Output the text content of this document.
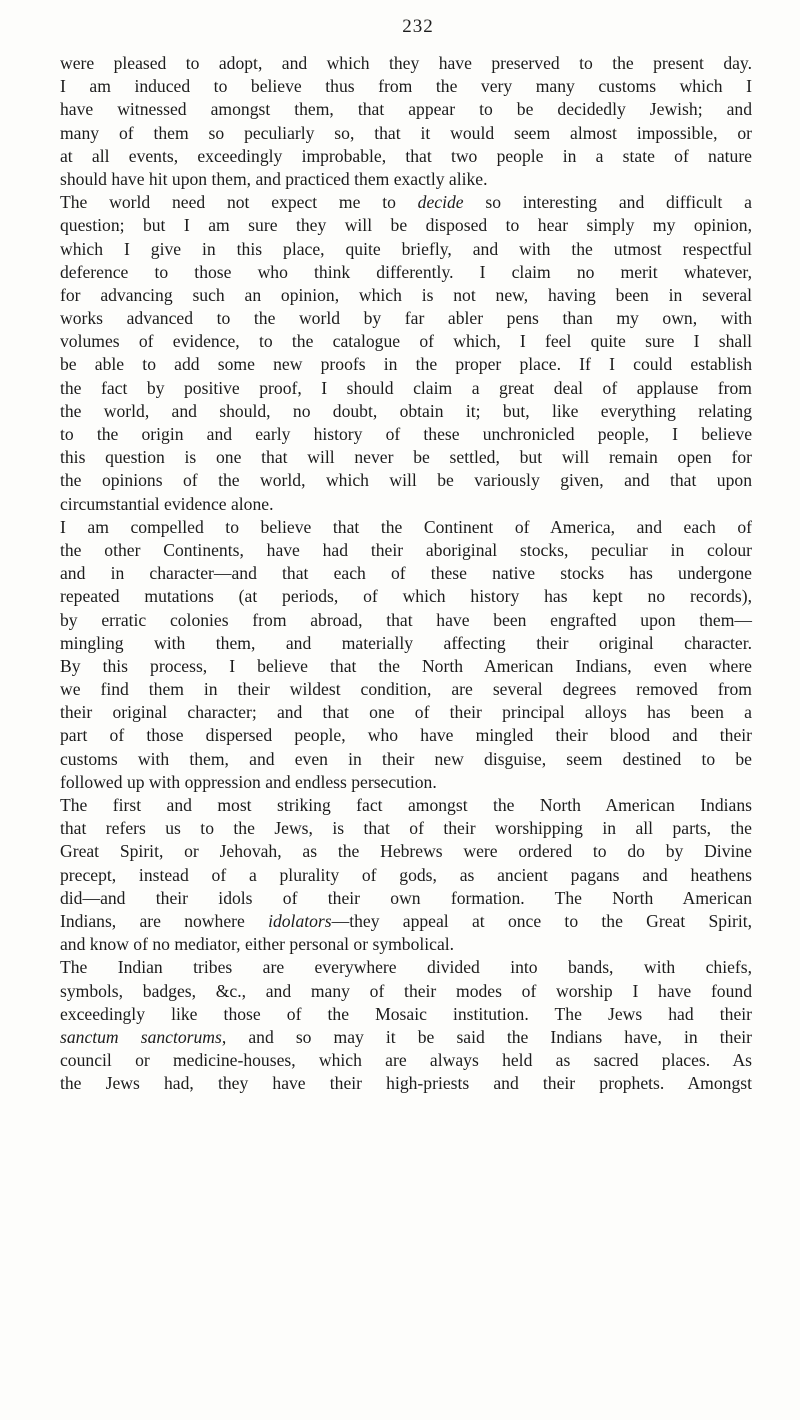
232
were pleased to adopt, and which they have preserved to the present day.
I am induced to believe thus from the very many customs which I
have witnessed amongst them, that appear to be decidedly Jewish; and
many of them so peculiarly so, that it would seem almost impossible, or
at all events, exceedingly improbable, that two people in a state of nature
should have hit upon them, and practiced them exactly alike.
The world need not expect me to decide so interesting and difficult a
question; but I am sure they will be disposed to hear simply my opinion,
which I give in this place, quite briefly, and with the utmost respectful
deference to those who think differently. I claim no merit whatever,
for advancing such an opinion, which is not new, having been in several
works advanced to the world by far abler pens than my own, with
volumes of evidence, to the catalogue of which, I feel quite sure I shall
be able to add some new proofs in the proper place. If I could establish
the fact by positive proof, I should claim a great deal of applause from
the world, and should, no doubt, obtain it; but, like everything relating
to the origin and early history of these unchronicled people, I believe
this question is one that will never be settled, but will remain open for
the opinions of the world, which will be variously given, and that upon
circumstantial evidence alone.
I am compelled to believe that the Continent of America, and each of
the other Continents, have had their aboriginal stocks, peculiar in colour
and in character—and that each of these native stocks has undergone
repeated mutations (at periods, of which history has kept no records),
by erratic colonies from abroad, that have been engrafted upon them—
mingling with them, and materially affecting their original character.
By this process, I believe that the North American Indians, even where
we find them in their wildest condition, are several degrees removed from
their original character; and that one of their principal alloys has been a
part of those dispersed people, who have mingled their blood and their
customs with them, and even in their new disguise, seem destined to be
followed up with oppression and endless persecution.
The first and most striking fact amongst the North American Indians
that refers us to the Jews, is that of their worshipping in all parts, the
Great Spirit, or Jehovah, as the Hebrews were ordered to do by Divine
precept, instead of a plurality of gods, as ancient pagans and heathens
did—and their idols of their own formation. The North American
Indians, are nowhere idolators—they appeal at once to the Great Spirit,
and know of no mediator, either personal or symbolical.
The Indian tribes are everywhere divided into bands, with chiefs,
symbols, badges, &c., and many of their modes of worship I have found
exceedingly like those of the Mosaic institution. The Jews had their
sanctum sanctorums, and so may it be said the Indians have, in their
council or medicine-houses, which are always held as sacred places. As
the Jews had, they have their high-priests and their prophets. Amongst
